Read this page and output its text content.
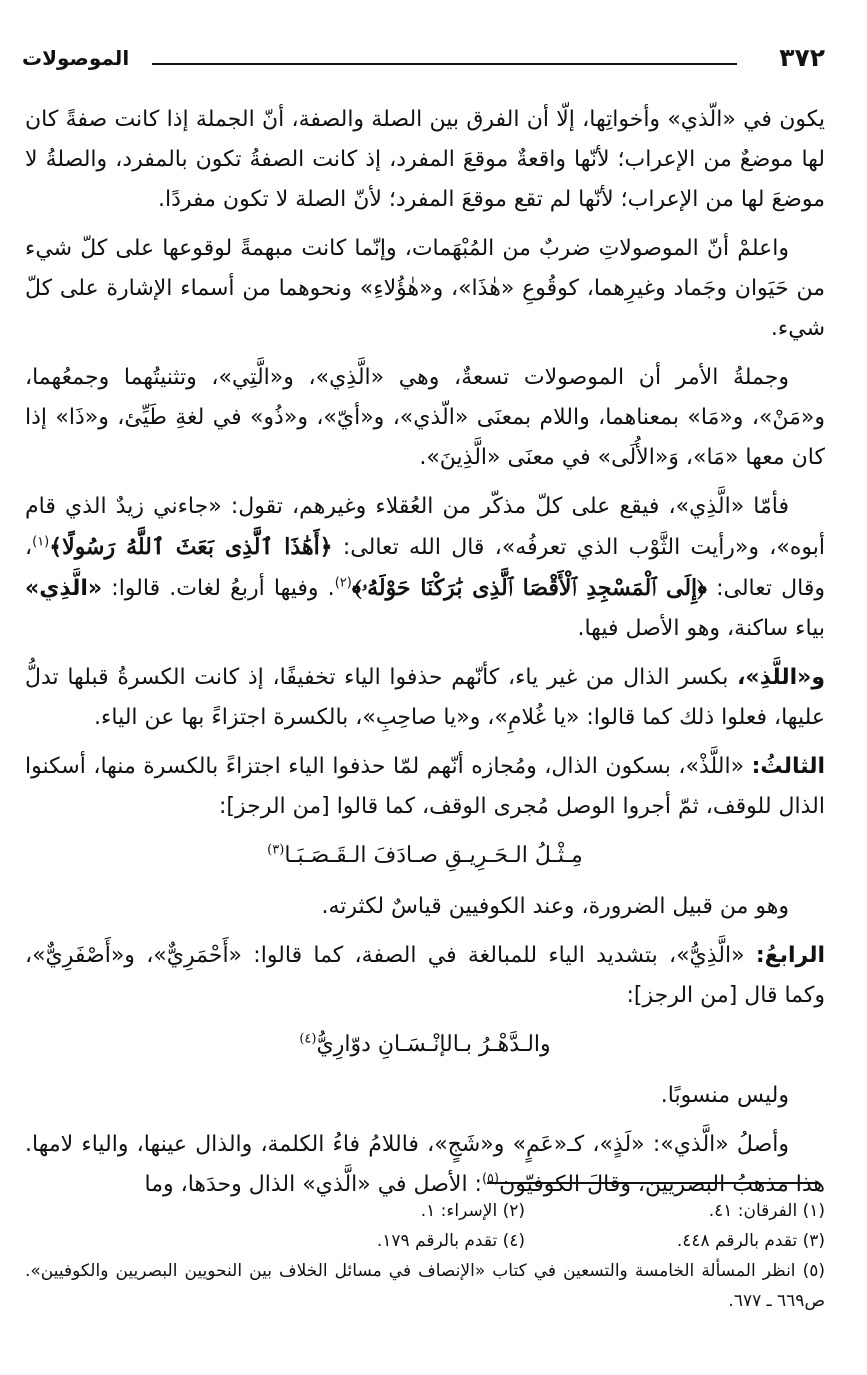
٣٧٢
الموصولات

يكون في «الّذي» وأخواتِها، إلّا أن الفرق بين الصلة والصفة، أنّ الجملة إذا كانت صفةً كان لها موضعٌ من الإعراب؛ لأنّها واقعةٌ موقعَ المفرد، إذ كانت الصفةُ تكون بالمفرد، والصلةُ لا موضعَ لها من الإعراب؛ لأنّها لم تقع موقعَ المفرد؛ لأنّ الصلة لا تكون مفردًا.

واعلمْ أنّ الموصولاتِ ضربٌ من المُبْهَمات، وإنّما كانت مبهمةً لوقوعها على كلّ شيء من حَيَوان وجَماد وغيرِهما، كوقُوعِ «هٰذَا»، و«هٰؤُلاءِ» ونحوهما من أسماء الإشارة على كلّ شيء.

وجملةُ الأمر أن الموصولات تسعةٌ، وهي «الَّذِي»، و«الَّتِي»، وتثنيتُهما وجمعُهما، و«مَنْ»، و«مَا» بمعناهما، واللام بمعنَى «الّذي»، و«أيّ»، و«ذُو» في لغةِ طَيِّئ، و«ذَا» إذا كان معها «مَا»، وَ«الأُلَى» في معنَى «الَّذِينَ».

فأمّا «الَّذِي»، فيقع على كلّ مذكّر من العُقلاء وغيرهم، تقول: «جاءني زيدٌ الذي قام أبوه»، و«رأيت الثَّوْب الذي تعرفُه»، قال الله تعالى: ﴿أَهَٰذَا ٱلَّذِى بَعَثَ ٱللَّهُ رَسُولًا﴾$^{(١)}$، وقال تعالى: ﴿إِلَى ٱلْمَسْجِدِ ٱلْأَقْصَا ٱلَّذِى بَٰرَكْنَا حَوْلَهُۥ﴾$^{(٢)}$. وفيها أربعُ لغات. قالوا: «الَّذِي» بياء ساكنة، وهو الأصل فيها.

و«اللَّذِ»، بكسر الذال من غير ياء، كأنّهم حذفوا الياء تخفيفًا، إذ كانت الكسرةُ قبلها تدلُّ عليها، فعلوا ذلك كما قالوا: «يا غُلامِ»، و«يا صاحِبِ»، بالكسرة اجتزاءً بها عن الياء.

الثالثُ: «اللَّذْ»، بسكون الذال، ومُجازه أنّهم لمّا حذفوا الياء اجتزاءً بالكسرة منها، أسكنوا الذال للوقف، ثمّ أجروا الوصل مُجرى الوقف، كما قالوا [من الرجز]:

مِـثْـلُ الـحَـرِيـقِ صـادَفَ الـقَـصَـبَـا$^{(٣)}$

وهو من قبيل الضرورة، وعند الكوفيين قياسٌ لكثرته.

الرابعُ: «الَّذِيُّ»، بتشديد الياء للمبالغة في الصفة، كما قالوا: «أَحْمَرِيٌّ»، و«أَصْفَرِيٌّ»، وكما قال [من الرجز]:

والـدَّهْـرُ بـالإنْـسَـانِ دوّارِيُّ$^{(٤)}$

وليس منسوبًا.

وأصلُ «الَّذي»: «لَذٍ»، كـ«عَمٍ» و«شَجٍ»، فاللامُ فاءُ الكلمة، والذال عينها، والياء لامها. هذا مذهبُ البصريين، وقالَ الكوفيّون$^{(٥)}$: الأصل في «الَّذي» الذال وحدَها، وما

(١) الفرقان: ٤١.
(٢) الإسراء: ١.
(٣) تقدم بالرقم ٤٤٨.
(٤) تقدم بالرقم ١٧٩.
(٥) انظر المسألة الخامسة والتسعين في كتاب «الإنصاف في مسائل الخلاف بين النحويين البصريين والكوفيين». ص٦٦٩ ـ ٦٧٧.
